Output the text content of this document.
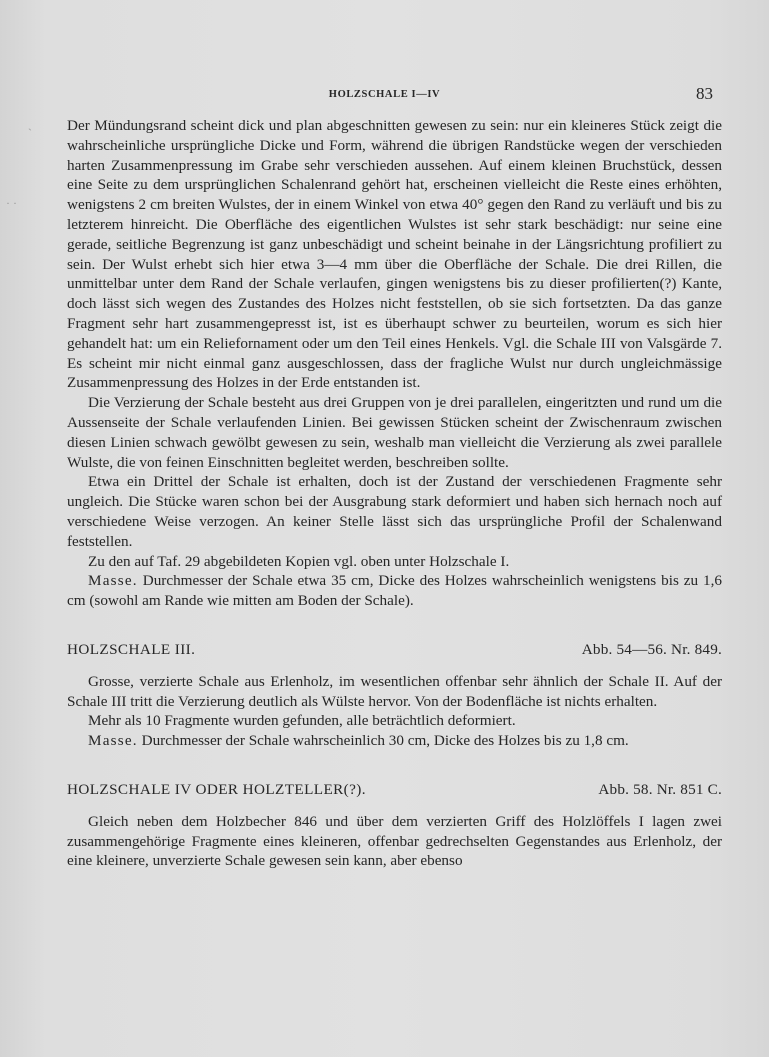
ˋ
· ·
HOLZSCHALE I—IV	83

Der Mündungsrand scheint dick und plan abgeschnitten gewesen zu sein: nur ein kleineres Stück zeigt die wahrscheinliche ursprüngliche Dicke und Form, während die übrigen Randstücke wegen der verschieden harten Zusammenpressung im Grabe sehr verschieden aussehen. Auf einem kleinen Bruchstück, dessen eine Seite zu dem ursprünglichen Schalenrand gehört hat, erscheinen vielleicht die Reste eines erhöhten, wenigstens 2 cm breiten Wulstes, der in einem Winkel von etwa 40° gegen den Rand zu verläuft und bis zu letzterem hinreicht. Die Oberfläche des eigentlichen Wulstes ist sehr stark beschädigt: nur seine eine gerade, seitliche Begrenzung ist ganz unbeschädigt und scheint beinahe in der Längsrichtung profiliert zu sein. Der Wulst erhebt sich hier etwa 3—4 mm über die Oberfläche der Schale. Die drei Rillen, die unmittelbar unter dem Rand der Schale verlaufen, gingen wenigstens bis zu dieser profilierten(?) Kante, doch lässt sich wegen des Zustandes des Holzes nicht feststellen, ob sie sich fortsetzten. Da das ganze Fragment sehr hart zusammengepresst ist, ist es überhaupt schwer zu beurteilen, worum es sich hier gehandelt hat: um ein Reliefornament oder um den Teil eines Henkels. Vgl. die Schale III von Valsgärde 7. Es scheint mir nicht einmal ganz ausgeschlossen, dass der fragliche Wulst nur durch ungleichmässige Zusammenpressung des Holzes in der Erde entstanden ist.

Die Verzierung der Schale besteht aus drei Gruppen von je drei parallelen, eingeritzten und rund um die Aussenseite der Schale verlaufenden Linien. Bei gewissen Stücken scheint der Zwischenraum zwischen diesen Linien schwach gewölbt gewesen zu sein, weshalb man vielleicht die Verzierung als zwei parallele Wulste, die von feinen Einschnitten begleitet werden, beschreiben sollte.

Etwa ein Drittel der Schale ist erhalten, doch ist der Zustand der verschiedenen Fragmente sehr ungleich. Die Stücke waren schon bei der Ausgrabung stark deformiert und haben sich hernach noch auf verschiedene Weise verzogen. An keiner Stelle lässt sich das ursprüngliche Profil der Schalenwand feststellen.

Zu den auf Taf. 29 abgebildeten Kopien vgl. oben unter Holzschale I.

Masse. Durchmesser der Schale etwa 35 cm, Dicke des Holzes wahrscheinlich wenigstens bis zu 1,6 cm (sowohl am Rande wie mitten am Boden der Schale).

HOLZSCHALE III.	Abb. 54—56. Nr. 849.

Grosse, verzierte Schale aus Erlenholz, im wesentlichen offenbar sehr ähnlich der Schale II. Auf der Schale III tritt die Verzierung deutlich als Wülste hervor. Von der Bodenfläche ist nichts erhalten.

Mehr als 10 Fragmente wurden gefunden, alle beträchtlich deformiert.

Masse. Durchmesser der Schale wahrscheinlich 30 cm, Dicke des Holzes bis zu 1,8 cm.

HOLZSCHALE IV ODER HOLZTELLER(?).	Abb. 58. Nr. 851 C.

Gleich neben dem Holzbecher 846 und über dem verzierten Griff des Holzlöffels I lagen zwei zusammengehörige Fragmente eines kleineren, offenbar gedrechselten Gegenstandes aus Erlenholz, der eine kleinere, unverzierte Schale gewesen sein kann, aber ebenso
